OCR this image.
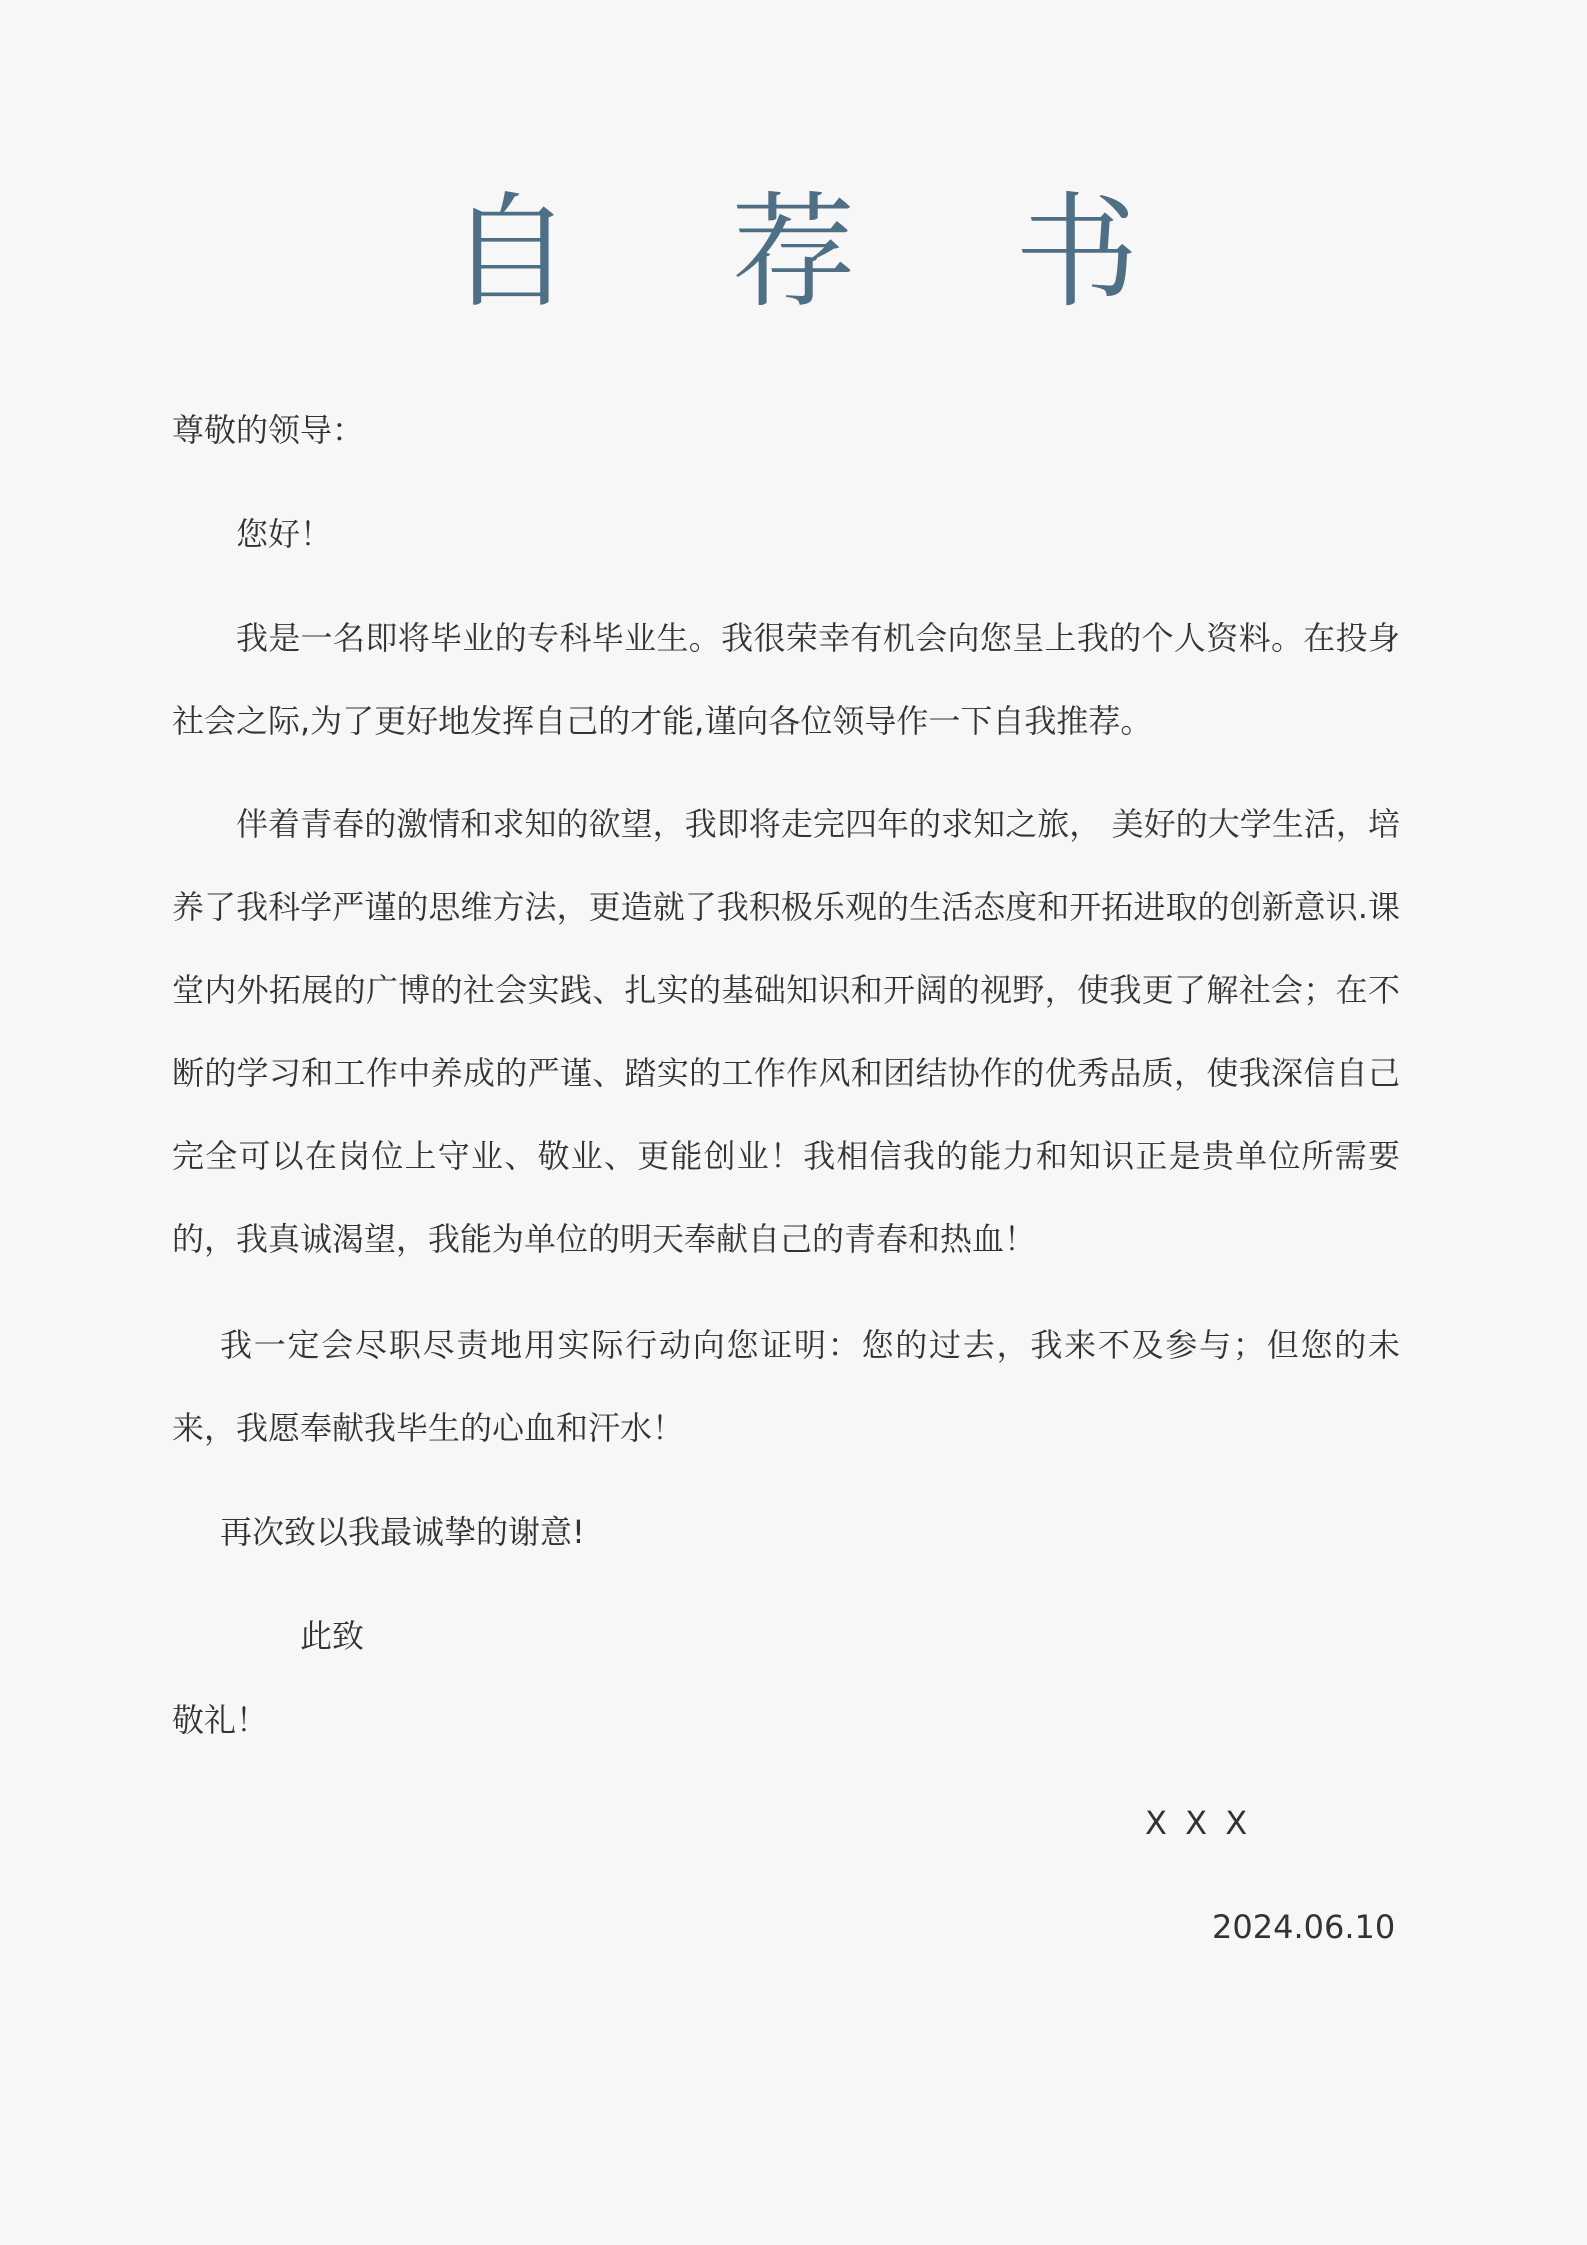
自 荐 书

尊敬的领导：

您好！

我是一名即将毕业的专科毕业生。我很荣幸有机会向您呈上我的个人资料。在投身社会之际,为了更好地发挥自己的才能,谨向各位领导作一下自我推荐。

伴着青春的激情和求知的欲望，我即将走完四年的求知之旅， 美好的大学生活，培养了我科学严谨的思维方法，更造就了我积极乐观的生活态度和开拓进取的创新意识.课堂内外拓展的广博的社会实践、扎实的基础知识和开阔的视野，使我更了解社会；在不断的学习和工作中养成的严谨、踏实的工作作风和团结协作的优秀品质，使我深信自己完全可以在岗位上守业、敬业、更能创业！我相信我的能力和知识正是贵单位所需要的，我真诚渴望，我能为单位的明天奉献自己的青春和热血！

我一定会尽职尽责地用实际行动向您证明：您的过去，我来不及参与；但您的未来，我愿奉献我毕生的心血和汗水！

再次致以我最诚挚的谢意!

此致

敬礼！

X X X
2024.06.10
